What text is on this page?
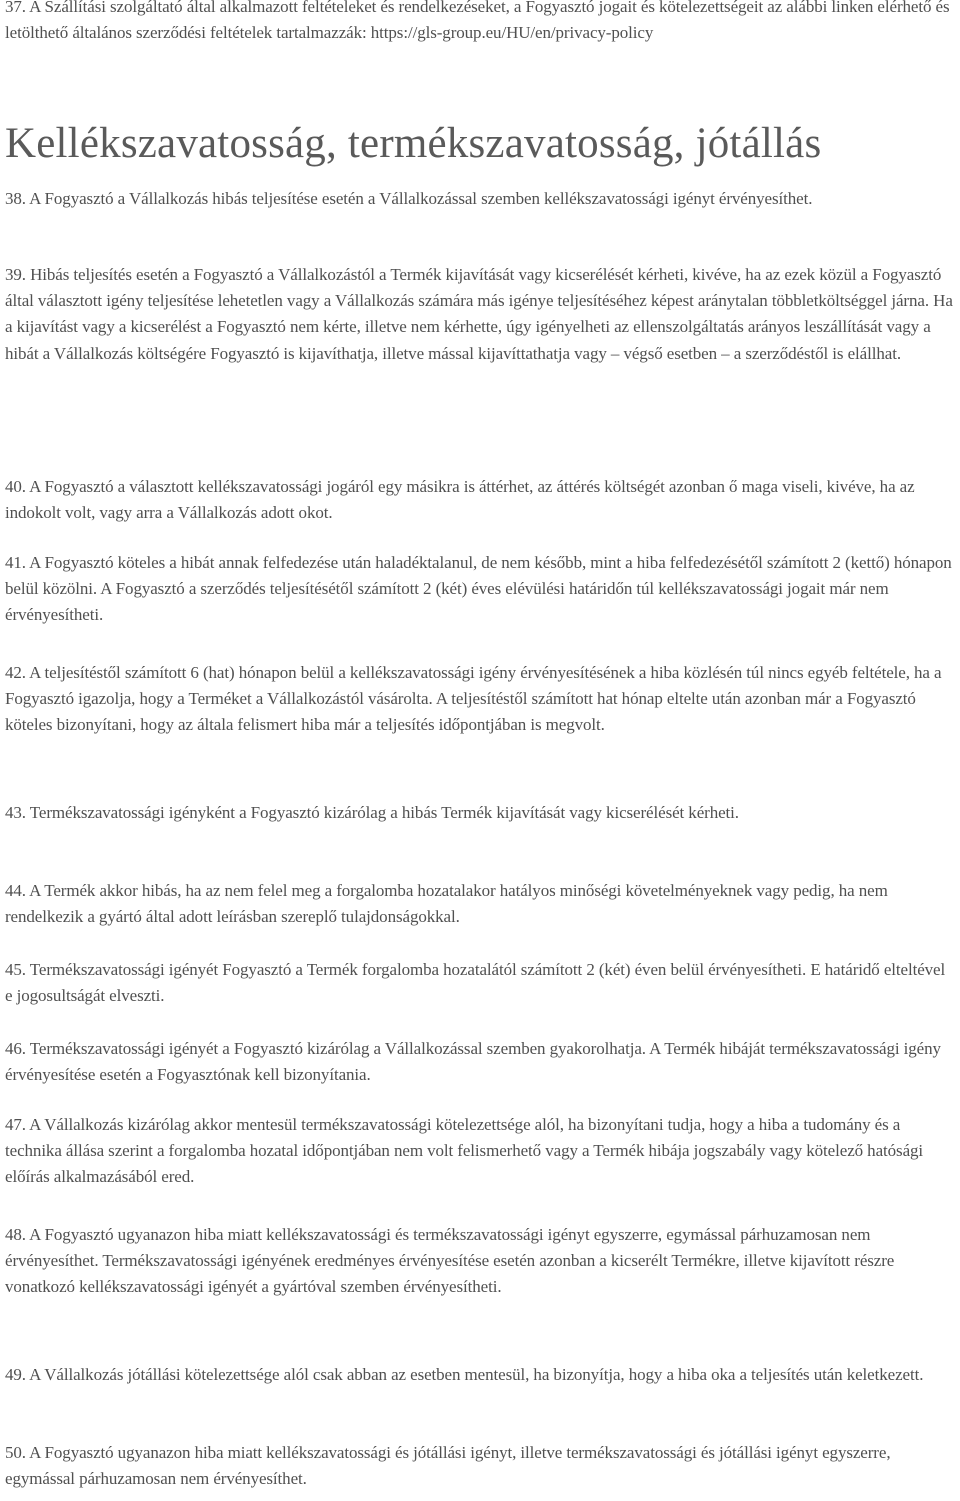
37. A Szállítási szolgáltató által alkalmazott feltételeket és rendelkezéseket, a Fogyasztó jogait és kötelezettségeit az alábbi linken elérhető és letölthető általános szerződési feltételek tartalmazzák: https://gls-group.eu/HU/en/privacy-policy

Kellékszavatosság, termékszavatosság, jótállás

38. A Fogyasztó a Vállalkozás hibás teljesítése esetén a Vállalkozással szemben kellékszavatossági igényt érvényesíthet.

39. Hibás teljesítés esetén a Fogyasztó a Vállalkozástól a Termék kijavítását vagy kicserélését kérheti, kivéve, ha az ezek közül a Fogyasztó által választott igény teljesítése lehetetlen vagy a Vállalkozás számára más igénye teljesítéséhez képest aránytalan többletköltséggel járna. Ha a kijavítást vagy a kicserélést a Fogyasztó nem kérte, illetve nem kérhette, úgy igényelheti az ellenszolgáltatás arányos leszállítását vagy a hibát a Vállalkozás költségére Fogyasztó is kijavíthatja, illetve mással kijavíttathatja vagy – végső esetben – a szerződéstől is elállhat.

40. A Fogyasztó a választott kellékszavatossági jogáról egy másikra is áttérhet, az áttérés költségét azonban ő maga viseli, kivéve, ha az indokolt volt, vagy arra a Vállalkozás adott okot.

41. A Fogyasztó köteles a hibát annak felfedezése után haladéktalanul, de nem később, mint a hiba felfedezésétől számított 2 (kettő) hónapon belül közölni. A Fogyasztó a szerződés teljesítésétől számított 2 (két) éves elévülési határidőn túl kellékszavatossági jogait már nem érvényesítheti.

42. A teljesítéstől számított 6 (hat) hónapon belül a kellékszavatossági igény érvényesítésének a hiba közlésén túl nincs egyéb feltétele, ha a Fogyasztó igazolja, hogy a Terméket a Vállalkozástól vásárolta. A teljesítéstől számított hat hónap eltelte után azonban már a Fogyasztó köteles bizonyítani, hogy az általa felismert hiba már a teljesítés időpontjában is megvolt.

43. Termékszavatossági igényként a Fogyasztó kizárólag a hibás Termék kijavítását vagy kicserélését kérheti.

44. A Termék akkor hibás, ha az nem felel meg a forgalomba hozatalakor hatályos minőségi követelményeknek vagy pedig, ha nem rendelkezik a gyártó által adott leírásban szereplő tulajdonságokkal.

45. Termékszavatossági igényét Fogyasztó a Termék forgalomba hozatalától számított 2 (két) éven belül érvényesítheti. E határidő elteltével e jogosultságát elveszti.

46. Termékszavatossági igényét a Fogyasztó kizárólag a Vállalkozással szemben gyakorolhatja. A Termék hibáját termékszavatossági igény érvényesítése esetén a Fogyasztónak kell bizonyítania.

47. A Vállalkozás kizárólag akkor mentesül termékszavatossági kötelezettsége alól, ha bizonyítani tudja, hogy a hiba a tudomány és a technika állása szerint a forgalomba hozatal időpontjában nem volt felismerhető vagy a Termék hibája jogszabály vagy kötelező hatósági előírás alkalmazásából ered.

48. A Fogyasztó ugyanazon hiba miatt kellékszavatossági és termékszavatossági igényt egyszerre, egymással párhuzamosan nem érvényesíthet. Termékszavatossági igényének eredményes érvényesítése esetén azonban a kicserélt Termékre, illetve kijavított részre vonatkozó kellékszavatossági igényét a gyártóval szemben érvényesítheti.

49. A Vállalkozás jótállási kötelezettsége alól csak abban az esetben mentesül, ha bizonyítja, hogy a hiba oka a teljesítés után keletkezett.

50. A Fogyasztó ugyanazon hiba miatt kellékszavatossági és jótállási igényt, illetve termékszavatossági és jótállási igényt egyszerre, egymással párhuzamosan nem érvényesíthet.
